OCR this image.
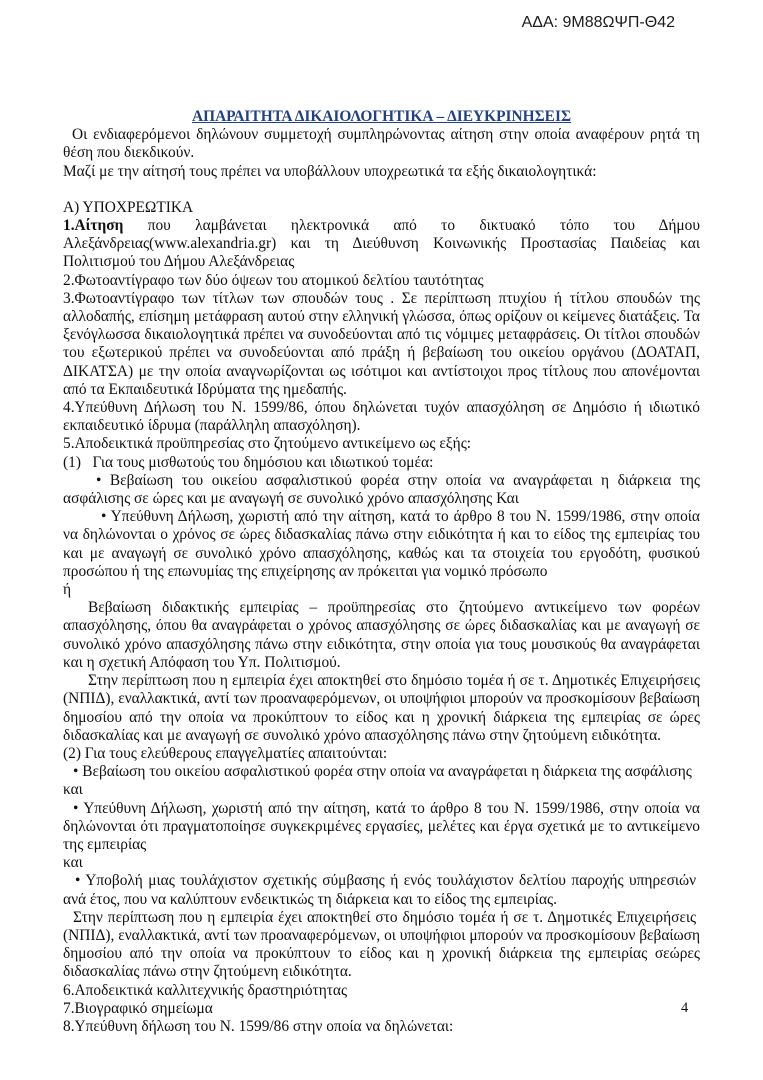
ΑΔΑ: 9Μ88ΩΨΠ-Θ42

ΑΠΑΡΑΙΤΗΤΑ ΔΙΚΑΙΟΛΟΓΗΤΙΚΑ – ΔΙΕΥΚΡΙΝΗΣΕΙΣ

Οι ενδιαφερόμενοι δηλώνουν συμμετοχή συμπληρώνοντας αίτηση στην οποία αναφέρουν ρητά τη θέση που διεκδικούν.

Μαζί με την αίτησή τους πρέπει να υποβάλλουν υποχρεωτικά τα εξής δικαιολογητικά:

Α) ΥΠΟΧΡΕΩΤΙΚΑ

1.Αίτηση που λαμβάνεται ηλεκτρονικά από το δικτυακό τόπο του Δήμου Αλεξάνδρειας(www.alexandria.gr) και τη Διεύθυνση Κοινωνικής Προστασίας Παιδείας και Πολιτισμού του Δήμου Αλεξάνδρειας

2.Φωτοαντίγραφο των δύο όψεων του ατομικού δελτίου ταυτότητας

3.Φωτοαντίγραφο των τίτλων των σπουδών τους . Σε περίπτωση πτυχίου ή τίτλου σπουδών της αλλοδαπής, επίσημη μετάφραση αυτού στην ελληνική γλώσσα, όπως ορίζουν οι κείμενες διατάξεις. Τα ξενόγλωσσα δικαιολογητικά πρέπει να συνοδεύονται από τις νόμιμες μεταφράσεις. Οι τίτλοι σπουδών του εξωτερικού πρέπει να συνοδεύονται από πράξη ή βεβαίωση του οικείου οργάνου (ΔΟΑΤΑΠ, ΔΙΚΑΤΣΑ) με την οποία αναγνωρίζονται ως ισότιμοι και αντίστοιχοι προς τίτλους που απονέμονται από τα Εκπαιδευτικά Ιδρύματα της ημεδαπής.

4.Υπεύθυνη Δήλωση του Ν. 1599/86, όπου δηλώνεται τυχόν απασχόληση σε Δημόσιο ή ιδιωτικό εκπαιδευτικό ίδρυμα (παράλληλη απασχόληση).

5.Αποδεικτικά προϋπηρεσίας στο ζητούμενο αντικείμενο ως εξής:

(1)   Για τους μισθωτούς του δημόσιου και ιδιωτικού τομέα:

• Βεβαίωση του οικείου ασφαλιστικού φορέα στην οποία να αναγράφεται η διάρκεια της ασφάλισης σε ώρες και με αναγωγή σε συνολικό χρόνο απασχόλησης Και

• Υπεύθυνη Δήλωση, χωριστή από την αίτηση, κατά το άρθρο 8 του Ν. 1599/1986, στην οποία να δηλώνονται ο χρόνος σε ώρες διδασκαλίας πάνω στην ειδικότητα ή και το είδος της εμπειρίας του και με αναγωγή σε συνολικό χρόνο απασχόλησης, καθώς και τα στοιχεία του εργοδότη, φυσικού προσώπου ή της επωνυμίας της επιχείρησης αν πρόκειται για νομικό πρόσωπο

ή

Βεβαίωση διδακτικής εμπειρίας – προϋπηρεσίας στο ζητούμενο αντικείμενο των φορέων απασχόλησης, όπου θα αναγράφεται ο χρόνος απασχόλησης σε ώρες διδασκαλίας και με αναγωγή σε συνολικό χρόνο απασχόλησης πάνω στην ειδικότητα, στην οποία για τους μουσικούς θα αναγράφεται και η σχετική Απόφαση του Υπ. Πολιτισμού.

Στην περίπτωση που η εμπειρία έχει αποκτηθεί στο δημόσιο τομέα ή σε τ. Δημοτικές Επιχειρήσεις (ΝΠΙΔ), εναλλακτικά, αντί των προαναφερόμενων, οι υποψήφιοι μπορούν να προσκομίσουν βεβαίωση δημοσίου από την οποία να προκύπτουν το είδος και η χρονική διάρκεια της εμπειρίας σε ώρες διδασκαλίας και με αναγωγή σε συνολικό χρόνο απασχόλησης πάνω στην ζητούμενη ειδικότητα.

(2) Για τους ελεύθερους επαγγελματίες απαιτούνται:

• Βεβαίωση του οικείου ασφαλιστικού φορέα στην οποία να αναγράφεται η διάρκεια της ασφάλισης

και

• Υπεύθυνη Δήλωση, χωριστή από την αίτηση, κατά το άρθρο 8 του Ν. 1599/1986, στην οποία να δηλώνονται ότι πραγματοποίησε συγκεκριμένες εργασίες, μελέτες και έργα σχετικά με το αντικείμενο της εμπειρίας

και

• Υποβολή μιας τουλάχιστον σχετικής σύμβασης ή ενός τουλάχιστον δελτίου παροχής υπηρεσιών  ανά έτος, που να καλύπτουν ενδεικτικώς τη διάρκεια και το είδος της εμπειρίας.

Στην περίπτωση που η εμπειρία έχει αποκτηθεί στο δημόσιο τομέα ή σε τ. Δημοτικές Επιχειρήσεις  (ΝΠΙΔ), εναλλακτικά, αντί των προαναφερόμενων, οι υποψήφιοι μπορούν να προσκομίσουν βεβαίωση δημοσίου από την οποία να προκύπτουν το είδος και η χρονική διάρκεια της εμπειρίας σεώρες διδασκαλίας πάνω στην ζητούμενη ειδικότητα.

6.Αποδεικτικά καλλιτεχνικής δραστηριότητας

7.Βιογραφικό σημείωμα

8.Υπεύθυνη δήλωση του Ν. 1599/86 στην οποία να δηλώνεται:

4
